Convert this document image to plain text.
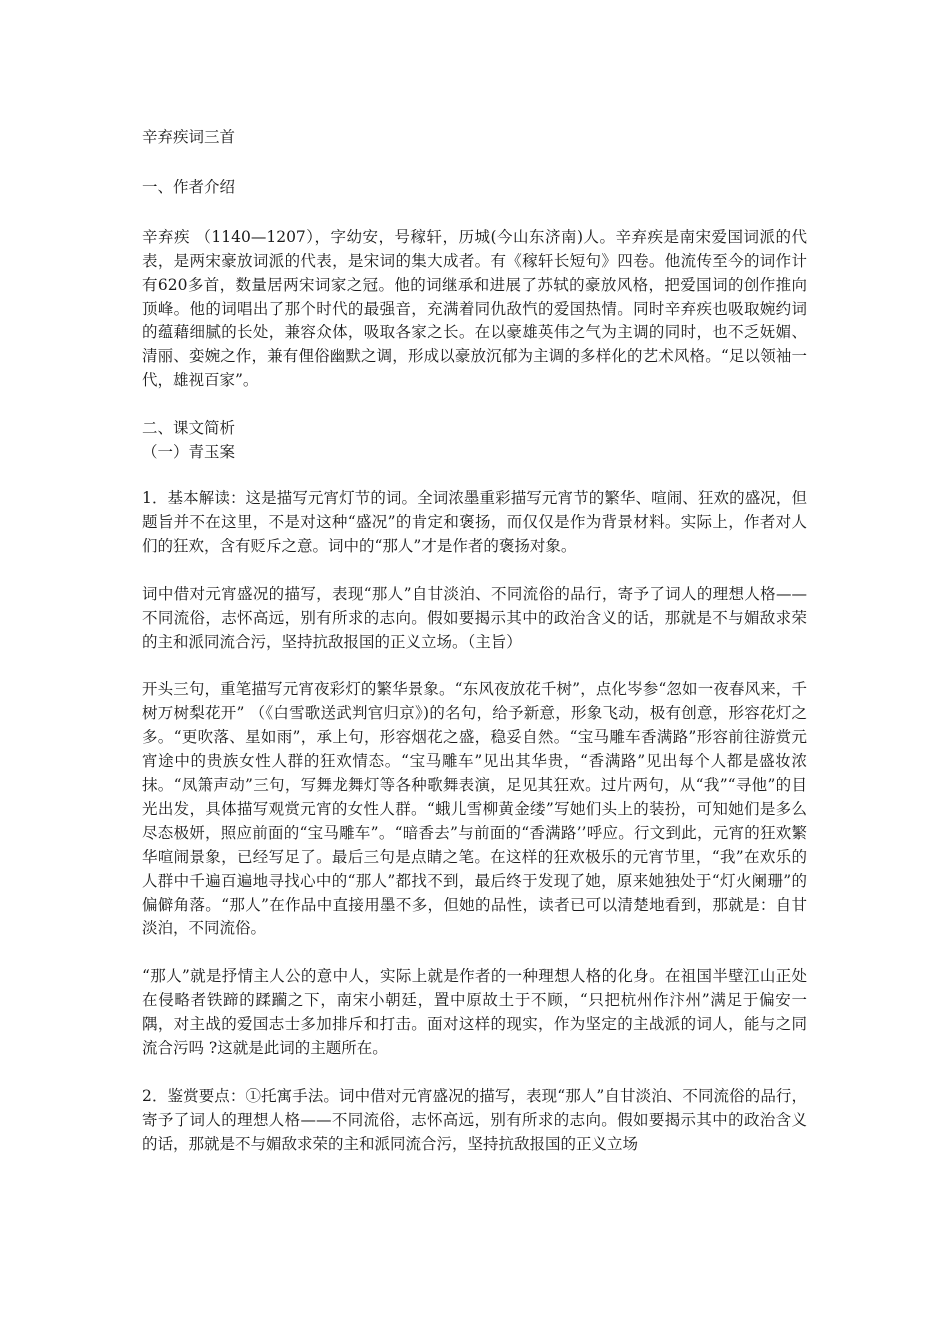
辛弃疾词三首

一、作者介绍

辛弃疾 （1140—1207），字幼安，号稼轩，历城(今山东济南)人。辛弃疾是南宋爱国词派的代表，是两宋豪放词派的代表，是宋词的集大成者。有《稼轩长短句》四卷。他流传至今的词作计有620多首，数量居两宋词家之冠。他的词继承和进展了苏轼的豪放风格，把爱国词的创作推向顶峰。他的词唱出了那个时代的最强音，充满着同仇敌忾的爱国热情。同时辛弃疾也吸取婉约词的蕴藉细腻的长处，兼容众体，吸取各家之长。在以豪雄英伟之气为主调的同时，也不乏妩媚、清丽、娈婉之作，兼有俚俗幽默之调，形成以豪放沉郁为主调的多样化的艺术风格。“足以领袖一代，雄视百家”。

二、课文简析

（一）青玉案

1．基本解读：这是描写元宵灯节的词。全词浓墨重彩描写元宵节的繁华、喧闹、狂欢的盛况，但题旨并不在这里，不是对这种“盛况”的肯定和褒扬，而仅仅是作为背景材料。实际上，作者对人们的狂欢，含有贬斥之意。词中的“那人”才是作者的褒扬对象。

词中借对元宵盛况的描写，表现“那人”自甘淡泊、不同流俗的品行，寄予了词人的理想人格——不同流俗，志怀高远，别有所求的志向。假如要揭示其中的政治含义的话，那就是不与媚敌求荣的主和派同流合污，坚持抗敌报国的正义立场。（主旨）

开头三句，重笔描写元宵夜彩灯的繁华景象。“东风夜放花千树”，点化岑参“忽如一夜春风来，千树万树梨花开” （《白雪歌送武判官归京》)的名句，给予新意，形象飞动，极有创意，形容花灯之多。“更吹落、星如雨”，承上句，形容烟花之盛，稳妥自然。“宝马雕车香满路”形容前往游赏元宵途中的贵族女性人群的狂欢情态。“宝马雕车”见出其华贵，“香满路”见出每个人都是盛妆浓抹。“凤箫声动”三句，写舞龙舞灯等各种歌舞表演，足见其狂欢。过片两句，从“我”“寻他”的目光出发，具体描写观赏元宵的女性人群。“蛾儿雪柳黄金缕”写她们头上的装扮，可知她们是多么尽态极妍，照应前面的“宝马雕车”。“暗香去”与前面的“香满路’’呼应。行文到此，元宵的狂欢繁华喧闹景象，已经写足了。最后三句是点睛之笔。在这样的狂欢极乐的元宵节里，“我”在欢乐的人群中千遍百遍地寻找心中的“那人”都找不到，最后终于发现了她，原来她独处于“灯火阑珊”的偏僻角落。“那人”在作品中直接用墨不多，但她的品性，读者已可以清楚地看到，那就是：自甘淡泊，不同流俗。

“那人”就是抒情主人公的意中人，实际上就是作者的一种理想人格的化身。在祖国半壁江山正处在侵略者铁蹄的蹂躏之下，南宋小朝廷，置中原故土于不顾，“只把杭州作汴州”满足于偏安一隅，对主战的爱国志士多加排斥和打击。面对这样的现实，作为坚定的主战派的词人，能与之同流合污吗 ?这就是此词的主题所在。

2．鉴赏要点：①托寓手法。词中借对元宵盛况的描写，表现“那人”自甘淡泊、不同流俗的品行，寄予了词人的理想人格——不同流俗，志怀高远，别有所求的志向。假如要揭示其中的政治含义的话，那就是不与媚敌求荣的主和派同流合污，坚持抗敌报国的正义立场
